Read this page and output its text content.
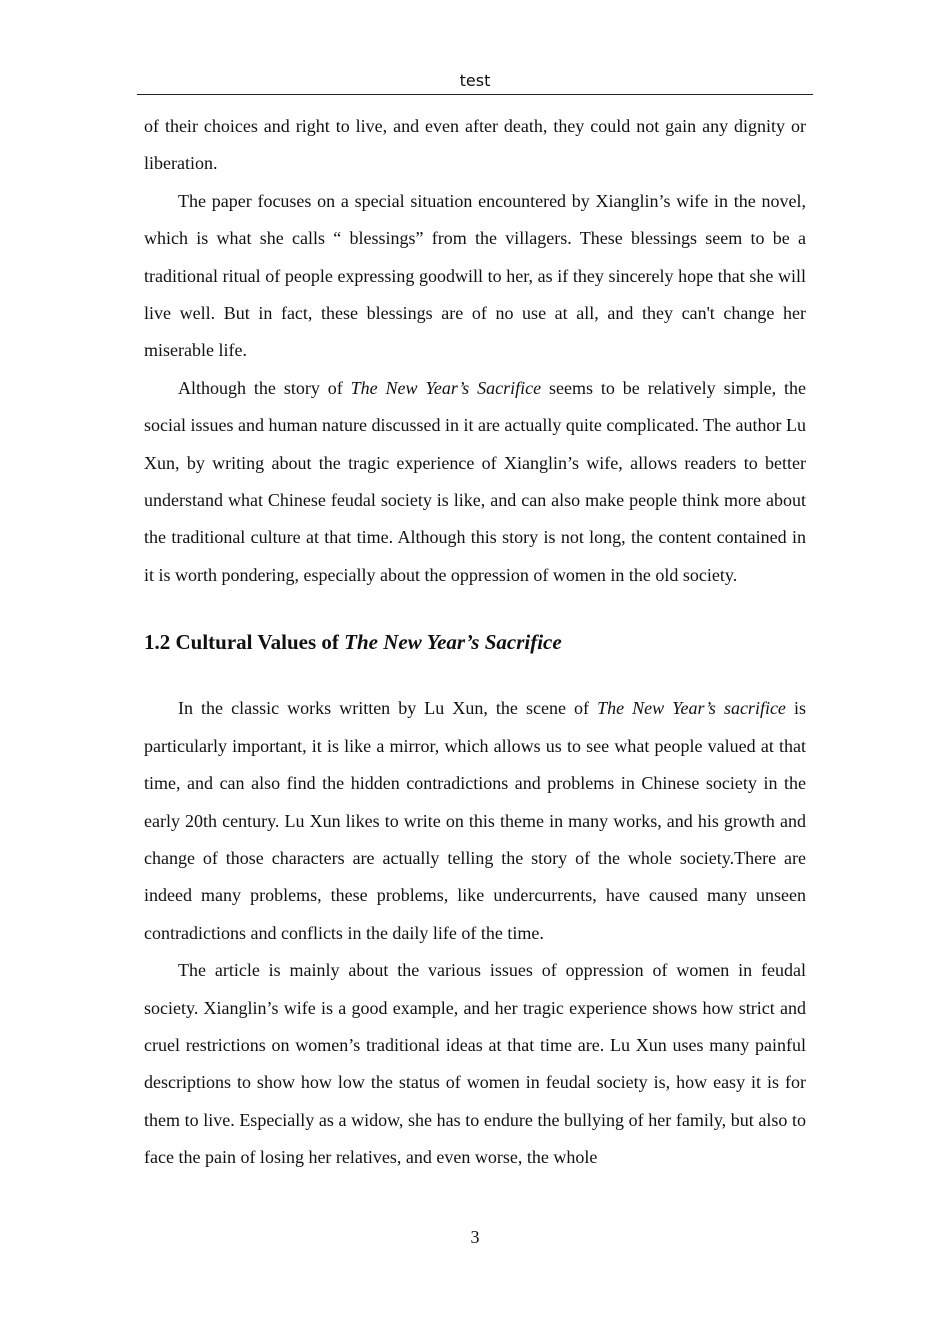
test

of their choices and right to live, and even after death, they could not gain any dignity or liberation.

The paper focuses on a special situation encountered by Xianglin’s wife in the novel, which is what she calls “ blessings” from the villagers. These blessings seem to be a traditional ritual of people expressing goodwill to her, as if they sincerely hope that she will live well. But in fact, these blessings are of no use at all, and they can't change her miserable life.

Although the story of The New Year’s Sacrifice seems to be relatively simple, the social issues and human nature discussed in it are actually quite complicated. The author Lu Xun, by writing about the tragic experience of Xianglin’s wife, allows readers to better understand what Chinese feudal society is like, and can also make people think more about the traditional culture at that time. Although this story is not long, the content contained in it is worth pondering, especially about the oppression of women in the old society.

1.2 Cultural Values of The New Year’s Sacrifice

In the classic works written by Lu Xun, the scene of The New Year’s sacrifice is particularly important, it is like a mirror, which allows us to see what people valued at that time, and can also find the hidden contradictions and problems in Chinese society in the early 20th century. Lu Xun likes to write on this theme in many works, and his growth and change of those characters are actually telling the story of the whole society.There are indeed many problems, these problems, like undercurrents, have caused many unseen contradictions and conflicts in the daily life of the time.

The article is mainly about the various issues of oppression of women in feudal society. Xianglin’s wife is a good example, and her tragic experience shows how strict and cruel restrictions on women’s traditional ideas at that time are. Lu Xun uses many painful descriptions to show how low the status of women in feudal society is, how easy it is for them to live. Especially as a widow, she has to endure the bullying of her family, but also to face the pain of losing her relatives, and even worse, the whole

3
